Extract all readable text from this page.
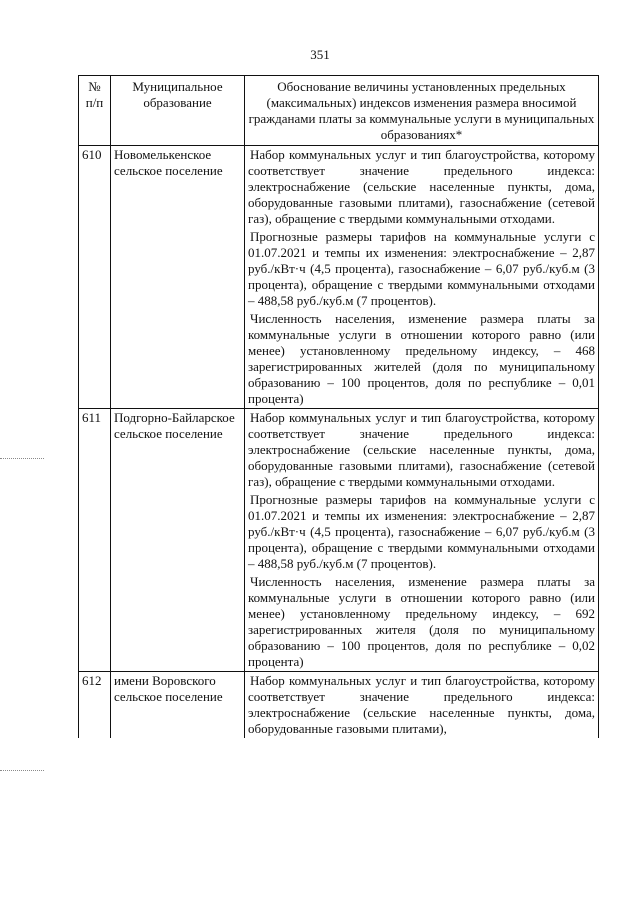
351
№ п/п	Муниципальное образование	Обоснование величины установленных предельных (максимальных) индексов изменения размера вносимой гражданами платы за коммунальные услуги в муниципальных образованиях*
610	Новомелькенское сельское поселение	Набор коммунальных услуг и тип благоустройства, которому соответствует значение предельного индекса: электроснабжение (сельские населенные пункты, дома, оборудованные газовыми плитами), газоснабжение (сетевой газ), обращение с твердыми коммунальными отходами.

Прогнозные размеры тарифов на коммунальные услуги с 01.07.2021 и темпы их изменения: электроснабжение – 2,87 руб./кВт·ч (4,5 процента), газоснабжение – 6,07 руб./куб.м (3 процента), обращение с твердыми коммунальными отходами – 488,58 руб./куб.м (7 процентов).

Численность населения, изменение размера платы за коммунальные услуги в отношении которого равно (или менее) установленному предельному индексу, – 468 зарегистрированных жителей (доля по муниципальному образованию – 100 процентов, доля по республике – 0,01 процента)

611	Подгорно-Байларское сельское поселение	Набор коммунальных услуг и тип благоустройства, которому соответствует значение предельного индекса: электроснабжение (сельские населенные пункты, дома, оборудованные газовыми плитами), газоснабжение (сетевой газ), обращение с твердыми коммунальными отходами.

Прогнозные размеры тарифов на коммунальные услуги с 01.07.2021 и темпы их изменения: электроснабжение – 2,87 руб./кВт·ч (4,5 процента), газоснабжение – 6,07 руб./куб.м (3 процента), обращение с твердыми коммунальными отходами – 488,58 руб./куб.м (7 процентов).

Численность населения, изменение размера платы за коммунальные услуги в отношении которого равно (или менее) установленному предельному индексу, – 692 зарегистрированных жителя (доля по муниципальному образованию – 100 процентов, доля по республике – 0,02 процента)

612	имени Воровского сельское поселение	Набор коммунальных услуг и тип благоустройства, которому соответствует значение предельного индекса: электроснабжение (сельские населенные пункты, дома, оборудованные газовыми плитами),
